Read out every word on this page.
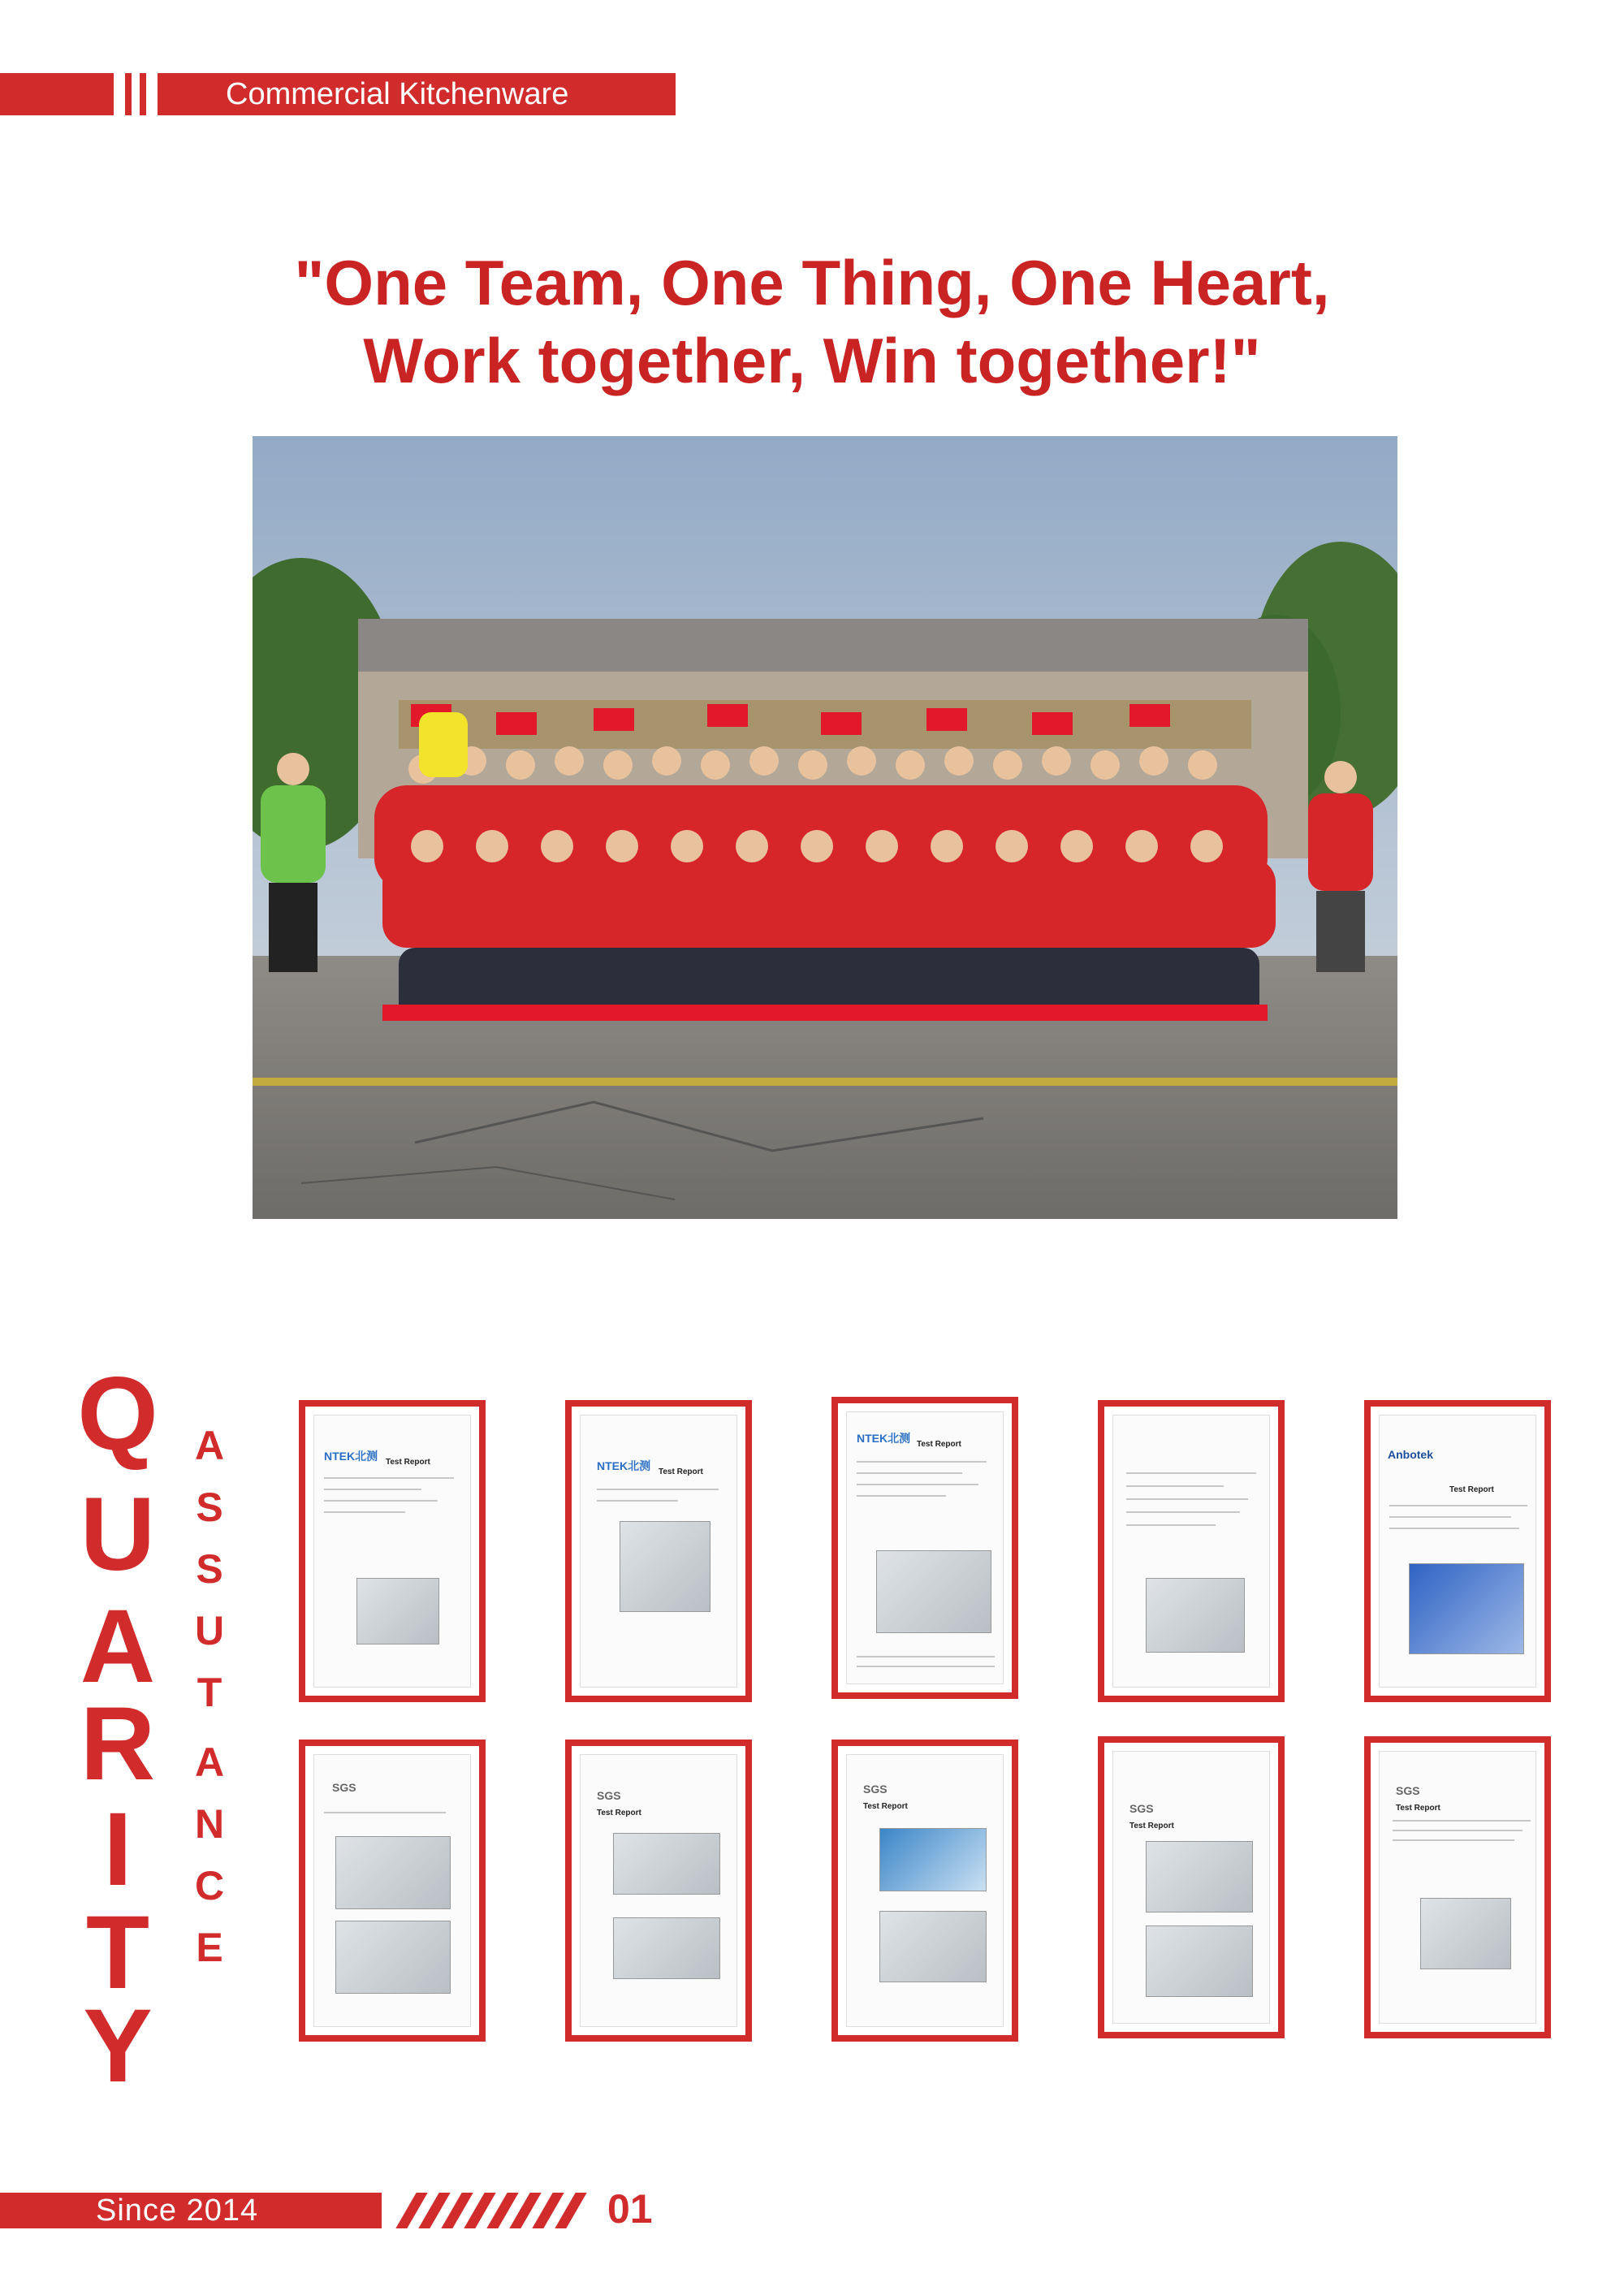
Commercial Kitchenware
"One Team, One Thing, One Heart,
Work together, Win together!"
Q
U
A
R
I
T
Y
A
S
S
U
T
A
N
C
E
NTEK北测 Test Report	NTEK北测 Test Report
NTEK北测 Test Report
Anbotek
Test Report
SGS
SGS
Test Report
SGS
Test Report	SGS
Test Report
SGS
Test Report
Since 2014	01
